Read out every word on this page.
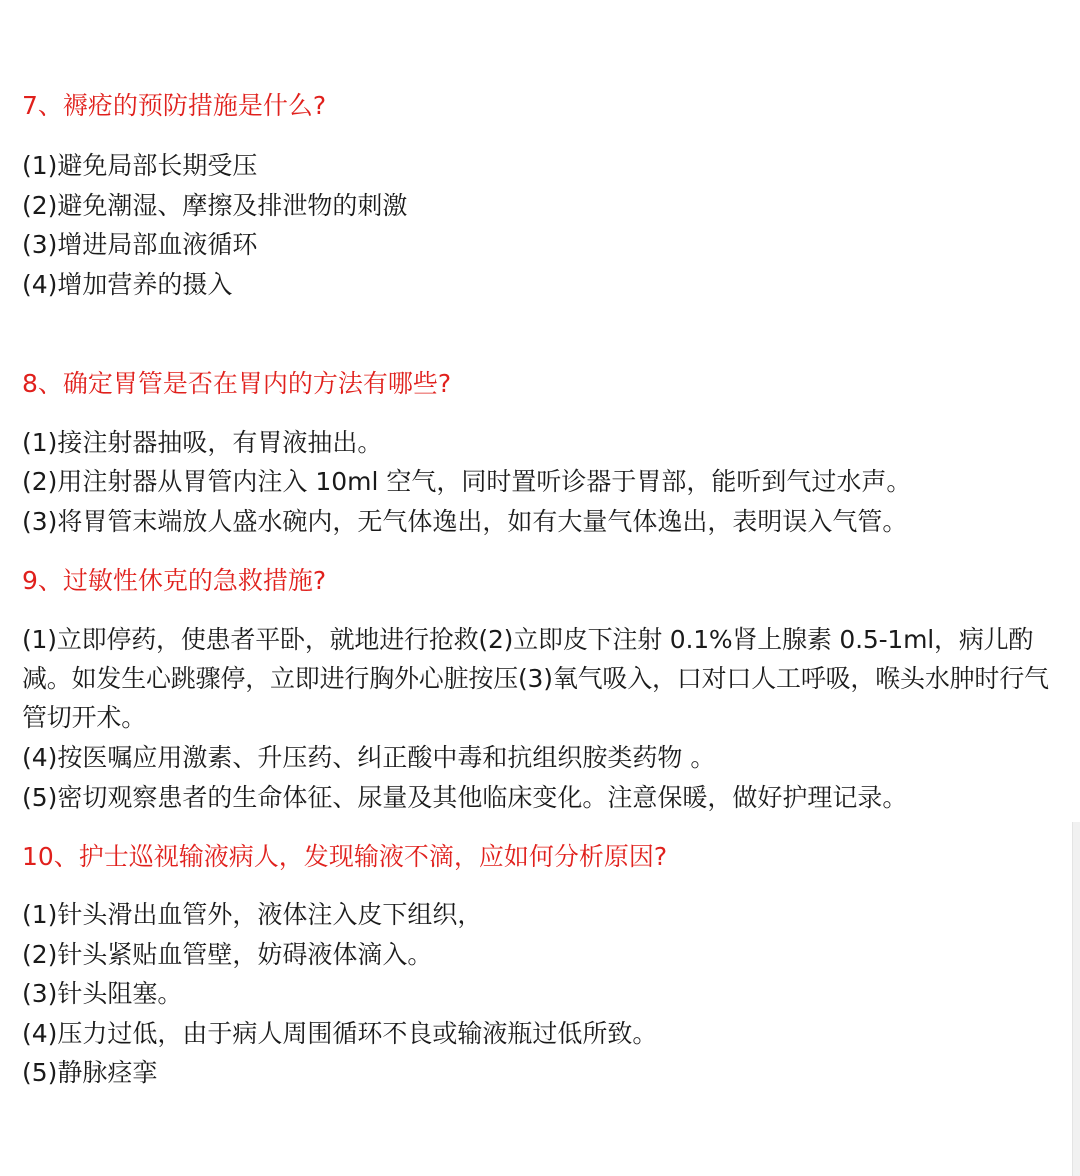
7、褥疮的预防措施是什么?

(1)避免局部长期受压

(2)避免潮湿、摩擦及排泄物的刺激

(3)增进局部血液循环

(4)增加营养的摄入

8、确定胃管是否在胃内的方法有哪些?

(1)接注射器抽吸，有胃液抽出。

(2)用注射器从胃管内注入 10ml 空气，同时置听诊器于胃部，能听到气过水声。

(3)将胃管末端放人盛水碗内，无气体逸出，如有大量气体逸出，表明误入气管。

9、过敏性休克的急救措施?

(1)立即停药，使患者平卧，就地进行抢救(2)立即皮下注射 0.1%肾上腺素 0.5-1ml，病儿酌减。如发生心跳骤停，立即进行胸外心脏按压(3)氧气吸入，口对口人工呼吸，喉头水肿时行气管切开术。

(4)按医嘱应用激素、升压药、纠正酸中毒和抗组织胺类药物 。

(5)密切观察患者的生命体征、尿量及其他临床变化。注意保暖，做好护理记录。

10、护士巡视输液病人，发现输液不滴，应如何分析原因?

(1)针头滑出血管外，液体注入皮下组织，

(2)针头紧贴血管壁，妨碍液体滴入。

(3)针头阻塞。

(4)压力过低，由于病人周围循环不良或输液瓶过低所致。

(5)静脉痉挛
